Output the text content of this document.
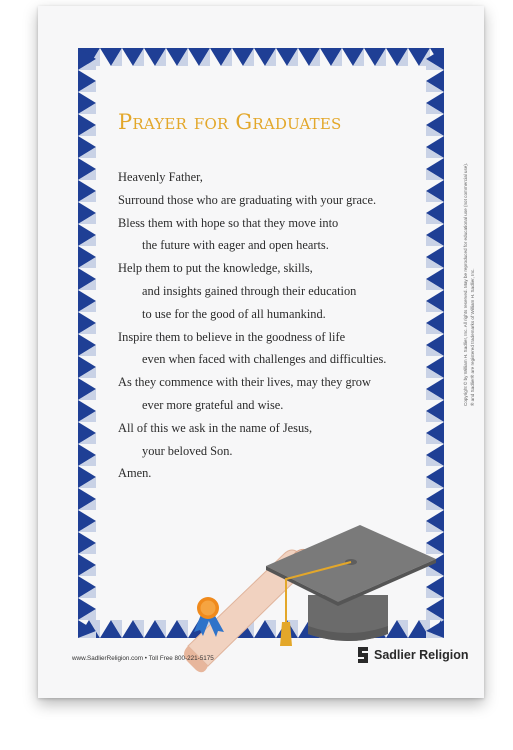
Prayer for Graduates
Heavenly Father,
Surround those who are graduating with your grace.
Bless them with hope so that they move into
the future with eager and open hearts.
Help them to put the knowledge, skills,
and insights gained through their education
to use for the good of all humankind.
Inspire them to believe in the goodness of life
even when faced with challenges and difficulties.
As they commence with their lives, may they grow
ever more grateful and wise.
All of this we ask in the name of Jesus,
your beloved Son.
Amen.
Copyright © by William H. Sadlier, Inc. All rights reserved. May be reproduced for educational use (not commercial use). ® and Sadlier® are registered trademarks of William H. Sadlier, Inc.
www.SadlierReligion.com • Toll Free 800-221-5175	Sadlier Religion
